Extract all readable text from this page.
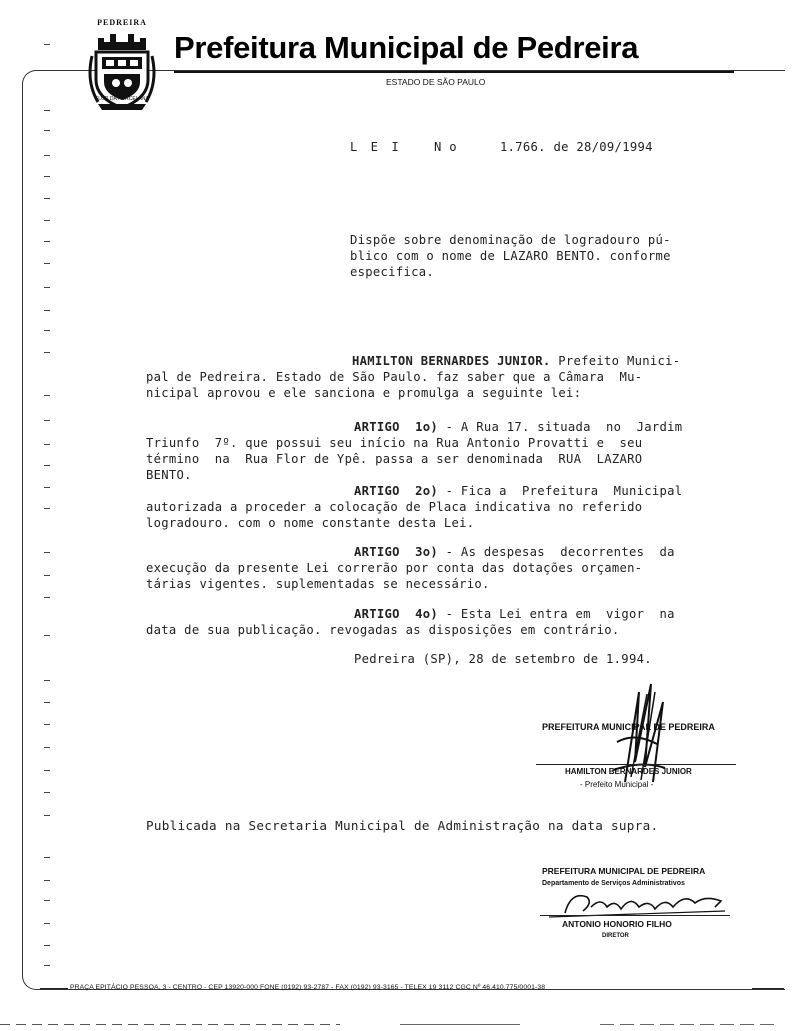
PEDREIRA
FLOR DA PORCELANA
Prefeitura Municipal de Pedreira
ESTADO DE SÃO PAULO
L E I	N o	1.766. de 28/09/1994
Dispõe sobre denominação de logradouro pú-
blico com o nome de LAZARO BENTO. conforme
especifica.
HAMILTON BERNARDES JUNIOR. Prefeito Munici-
pal de Pedreira. Estado de São Paulo. faz saber que a Câmara  Mu-
nicipal aprovou e ele sanciona e promulga a seguinte lei:
ARTIGO  1o) - A Rua 17. situada  no  Jardim
Triunfo  7º. que possui seu início na Rua Antonio Provatti e  seu
término  na  Rua Flor de Ypê. passa a ser denominada  RUA  LAZARO
BENTO.
ARTIGO  2o) - Fica a  Prefeitura  Municipal
autorizada a proceder a colocação de Placa indicativa no referido
logradouro. com o nome constante desta Lei.
ARTIGO  3o) - As despesas  decorrentes  da
execução da presente Lei correrão por conta das dotações orçamen-
tárias vigentes. suplementadas se necessário.
ARTIGO  4o) - Esta Lei entra em  vigor  na
data de sua publicação. revogadas as disposições em contrário.
Pedreira (SP), 28 de setembro de 1.994.
PREFEITURA MUNICIPAL DE PEDREIRA
HAMILTON BERNARDES JUNIOR
- Prefeito Municipal -
Publicada na Secretaria Municipal de Administração na data supra.
PREFEITURA MUNICIPAL DE PEDREIRA
Departamento de Serviços Administrativos
ANTONIO HONORIO FILHO
DIRETOR
PRAÇA EPITÁCIO PESSOA, 3 - CENTRO - CEP 13920-000 FONE (0192) 93-2787 - FAX (0192) 93-3165 - TELEX 19 3112 CGC Nº 46.410.775/0001-38
